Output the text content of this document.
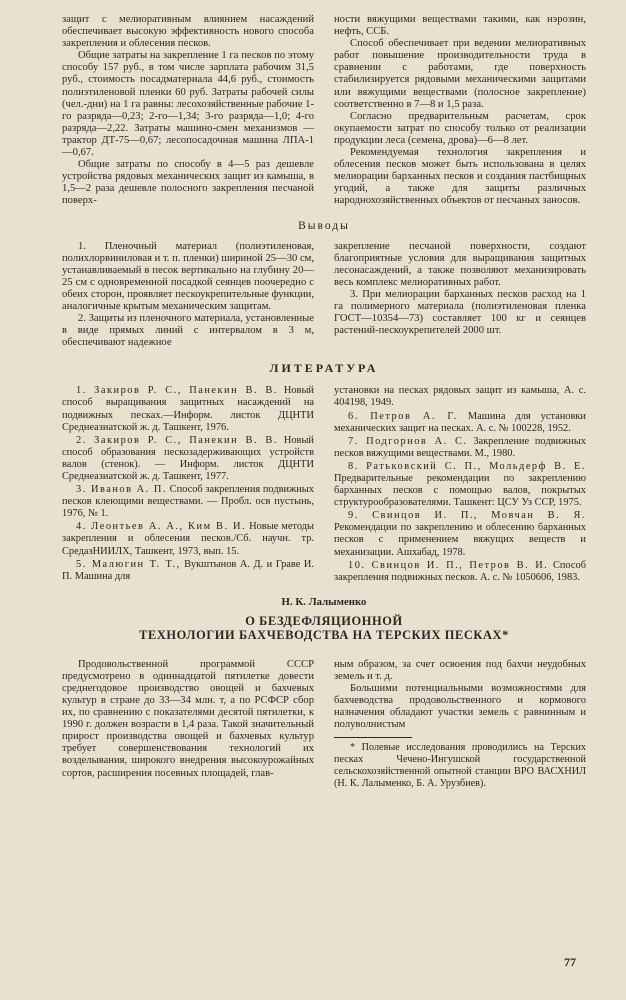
защит с мелиоративным влиянием насаждений обеспечивает высокую эффективность нового способа закрепления и облесения песков.

Общие затраты на закрепление 1 га песков по этому способу 157 руб., в том числе зарплата рабочим 31,5 руб., стоимость посадматериала 44,6 руб., стоимость полиэтиленовой пленки 60 руб. Затраты рабочей силы (чел.-дни) на 1 га равны: лесохозяйственные рабочие 1-го разряда—0,23; 2-го—1,34; 3-го разряда—1,0; 4-го разряда—2,22. Затраты машино-смен механизмов — трактор ДТ-75—0,67; лесопосадочная машина ЛПА-1—0,67.

Общие затраты по способу в 4—5 раз дешевле устройства рядовых механических защит из камыша, в 1,5—2 раза дешевле полосного закрепления песчаной поверх-

ности вяжущими веществами такими, как нэрозин, нефть, ССБ.

Способ обеспечивает при ведении мелиоративных работ повышение производительности труда в сравнении с работами, где поверхность стабилизируется рядовыми механическими защитами или вяжущими веществами (полосное закрепление) соответственно в 7—8 и 1,5 раза.

Согласно предварительным расчетам, срок окупаемости затрат по способу только от реализации продукции леса (семена, дрова)—6—8 лет.

Рекомендуемая технология закрепления и облесения песков может быть использована в целях мелиорации барханных песков и создания пастбищных угодий, а также для защиты различных народнохозяйственных объектов от песчаных заносов.

Выводы

1. Пленочный материал (полиэтиленовая, полихлорвиниловая и т. п. пленки) шириной 25—30 см, устанавливаемый в песок вертикально на глубину 20—25 см с одновременной посадкой сеянцев поочередно с обеих сторон, проявляет пескоукрепительные функции, аналогичные крытым механическим защитам.

2. Защиты из пленочного материала, установленные в виде прямых линий с интервалом в 3 м, обеспечивают надежное

закрепление песчаной поверхности, создают благоприятные условия для выращивания защитных лесонасаждений, а также позволяют механизировать весь комплекс мелиоративных работ.

3. При мелиорации барханных песков расход на 1 га полимерного материала (полиэтиленовая пленка ГОСТ—10354—73) составляет 100 кг и сеянцев растений-пескоукрепителей 2000 шт.

ЛИТЕРАТУРА

1. Закиров Р. С., Панекин В. В. Новый способ выращивания защитных насаждений на подвижных песках.—Информ. листок ДЦНТИ Среднеазиатской ж. д. Ташкент, 1976.

2. Закиров Р. С., Панекин В. В. Новый способ образования пескозадерживающих устройств валов (стенок). — Информ. листок ДЦНТИ Среднеазиатской ж. д. Ташкент, 1977.

3. Иванов А. П. Способ закрепления подвижных песков клеющими веществами. — Пробл. осв пустынь, 1976, № 1.

4. Леонтьев А. А., Ким В. И. Новые методы закрепления и облесения песков./Сб. научн. тр. СредазНИИЛХ, Ташкент, 1973, вып. 15.

5. Малюгин Т. Т., Вукштынов А. Д. и Граве И. П. Машина для

установки на песках рядовых защит из камыша, А. с. 404198, 1949.

6. Петров А. Г. Машина для установки механических защит на песках. А. с. № 100228, 1952.

7. Подгорнов А. С. Закрепление подвижных песков вяжущими веществами. М., 1980.

8. Ратьковский С. П., Мольдерф В. Е. Предварительные рекомендации по закреплению барханных песков с помощью валов, покрытых структурообразователями. Ташкент: ЦСУ Уз ССР, 1975.

9. Свинцов И. П., Мовчан В. Я. Рекомендации по закреплению и облесению барханных песков с применением вяжущих веществ и механизации. Ашхабад, 1978.

10. Свинцов И. П., Петров В. И. Способ закрепления подвижных песков. А. с. № 1050606, 1983.

Н. К. Лалыменко
О БЕЗДЕФЛЯЦИОННОЙ
ТЕХНОЛОГИИ БАХЧЕВОДСТВА НА ТЕРСКИХ ПЕСКАХ*

Продовольственной программой СССР предусмотрено в одиннадцатой пятилетке довести среднегодовое производство овощей и бахчевых культур в стране до 33—34 млн. т, а по РСФСР сбор их, по сравнению с показателями десятой пятилетки, к 1990 г. должен возрасти в 1,4 раза. Такой значительный прирост производства овощей и бахчевых культур требует совершенствования технологий их возделывания, широкого внедрения высокоурожайных сортов, расширения посевных площадей, глав-

ным образом, за счет освоения под бахчи неудобных земель и т. д.

Большими потенциальными возможностями для бахчеводства продовольственного и кормового назначения обладают участки земель с равнинным и полуволнистым

* Полевые исследования проводились на Терских песках Чечено-Ингушской государственной сельскохозяйственной опытной станции ВРО ВАСХНИЛ (Н. К. Лалыменко, Б. А. Урузбиев).

77
